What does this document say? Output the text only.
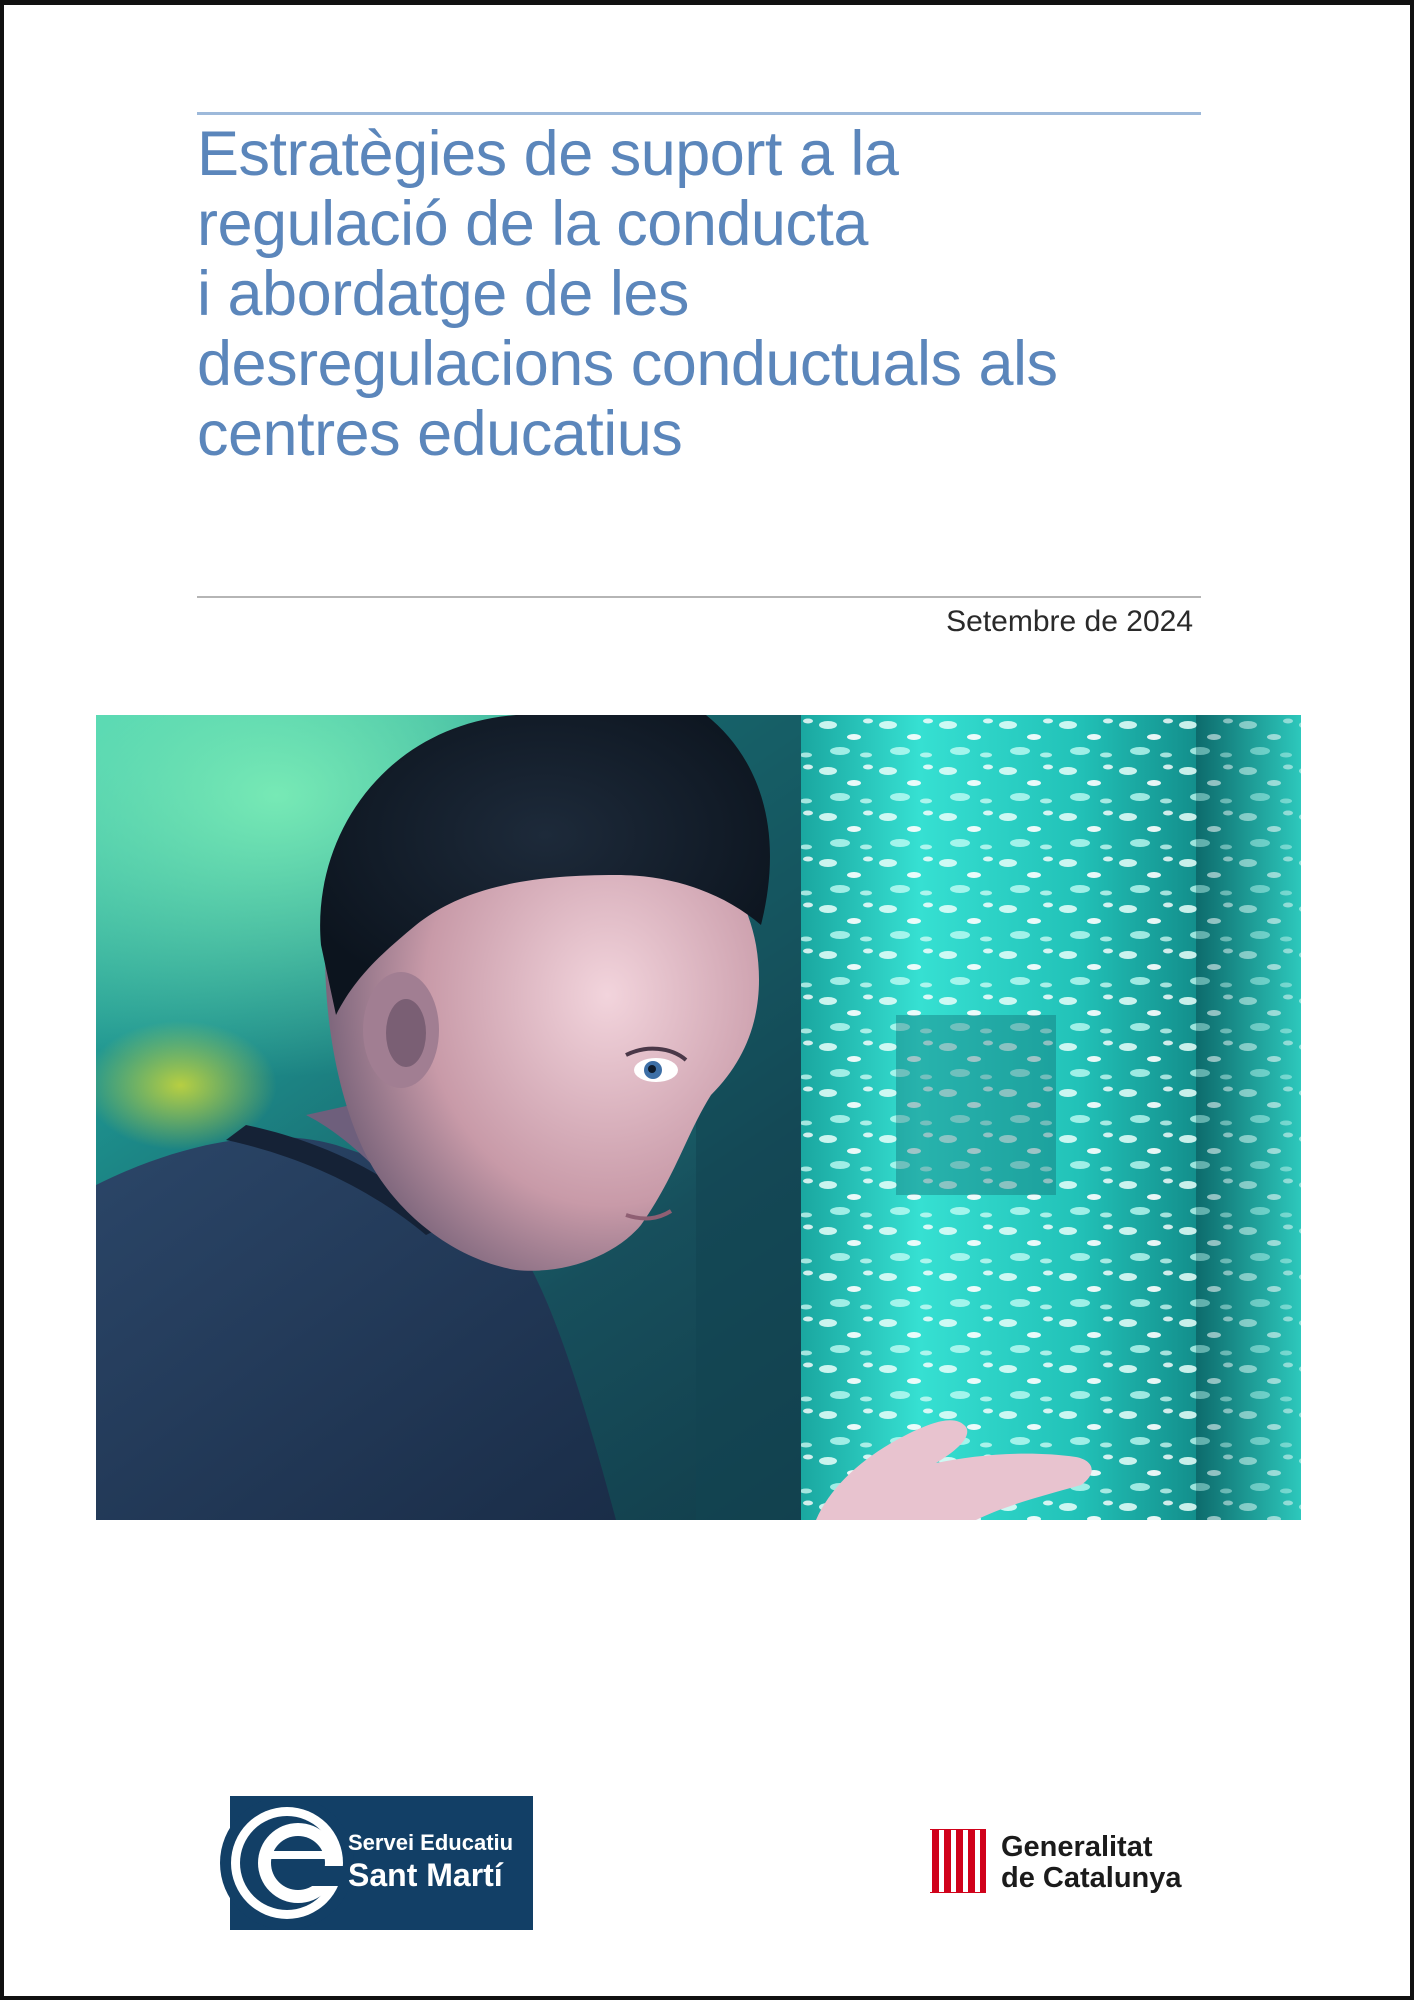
Estratègies de suport a la
regulació de la conducta
i abordatge de les
desregulacions conductuals als
centres educatius
Setembre de 2024
Servei Educatiu
Sant Martí
Generalitat
de Catalunya
